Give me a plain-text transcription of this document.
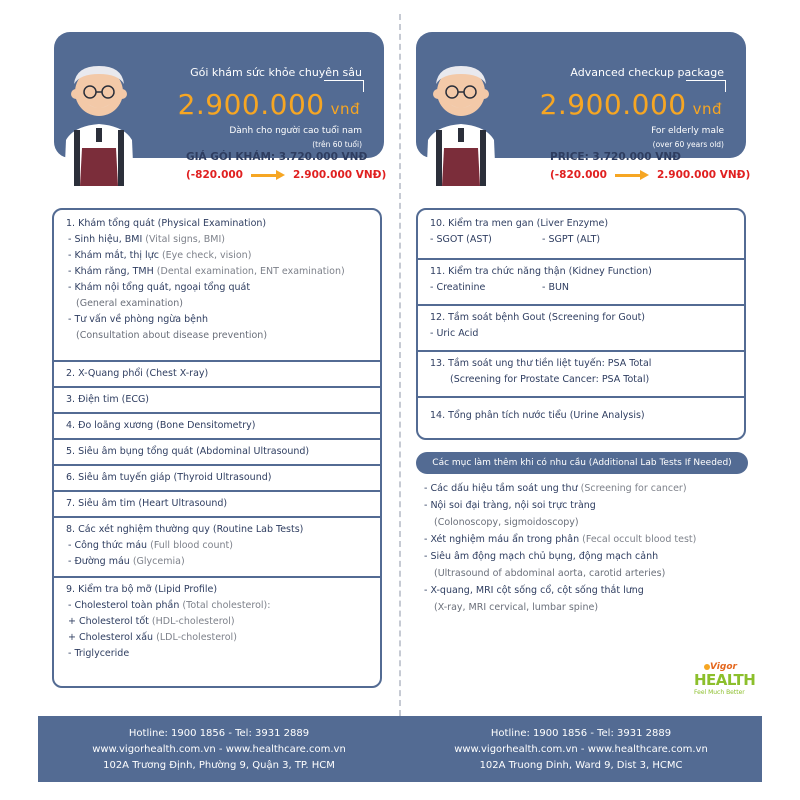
Gói khám sức khỏe chuyên sâu
2.900.000 vnđ
Dành cho người cao tuổi nam
(trên 60 tuổi)
GIÁ GÓI KHÁM: 3.720.000 VNĐ
(-820.000	2.900.000 VNĐ)
1. Khám tổng quát (Physical Examination)
- Sinh hiệu, BMI (Vital signs, BMI)
- Khám mắt, thị lực (Eye check, vision)
- Khám răng, TMH (Dental examination, ENT examination)
- Khám nội tổng quát, ngoại tổng quát
(General examination)
- Tư vấn về phòng ngừa bệnh
(Consultation about disease prevention)
2. X-Quang phổi (Chest X-ray)
3. Điện tim (ECG)
4. Đo loãng xương (Bone Densitometry)
5. Siêu âm bụng tổng quát (Abdominal Ultrasound)
6. Siêu âm tuyến giáp (Thyroid Ultrasound)
7. Siêu âm tim (Heart Ultrasound)
8. Các xét nghiệm thường quy (Routine Lab Tests)
- Công thức máu (Full blood count)
- Đường máu (Glycemia)
9. Kiểm tra bộ mỡ (Lipid Profile)
- Cholesterol toàn phần (Total cholesterol):
+ Cholesterol tốt (HDL-cholesterol)
+ Cholesterol xấu (LDL-cholesterol)
- Triglyceride
Advanced checkup package
2.900.000 vnđ
For elderly male
(over 60 years old)
PRICE: 3.720.000 VNĐ
(-820.000	2.900.000 VNĐ)
10. Kiểm tra men gan (Liver Enzyme)
- SGOT (AST)	- SGPT (ALT)
11. Kiểm tra chức năng thận (Kidney Function)
- Creatinine	- BUN
12. Tầm soát bệnh Gout (Screening for Gout)
- Uric Acid
13. Tầm soát ung thư tiền liệt tuyến: PSA Total
(Screening for Prostate Cancer: PSA Total)
14. Tổng phân tích nước tiểu (Urine Analysis)
Các mục làm thêm khi có nhu cầu (Additional Lab Tests If Needed)
- Các dấu hiệu tầm soát ung thư (Screening for cancer)
- Nội soi đại tràng, nội soi trực tràng
(Colonoscopy, sigmoidoscopy)
- Xét nghiệm máu ẩn trong phân (Fecal occult blood test)
- Siêu âm động mạch chủ bụng, động mạch cảnh
(Ultrasound of abdominal aorta, carotid arteries)
- X-quang, MRI cột sống cổ, cột sống thắt lưng
(X-ray, MRI cervical, lumbar spine)
Vigor
HEALTH
Feel Much Better
Hotline: 1900 1856 - Tel: 3931 2889
www.vigorhealth.com.vn - www.healthcare.com.vn
102A Trương Định, Phường 9, Quận 3, TP. HCM
Hotline: 1900 1856 - Tel: 3931 2889
www.vigorhealth.com.vn - www.healthcare.com.vn
102A Truong Dinh, Ward 9, Dist 3, HCMC
